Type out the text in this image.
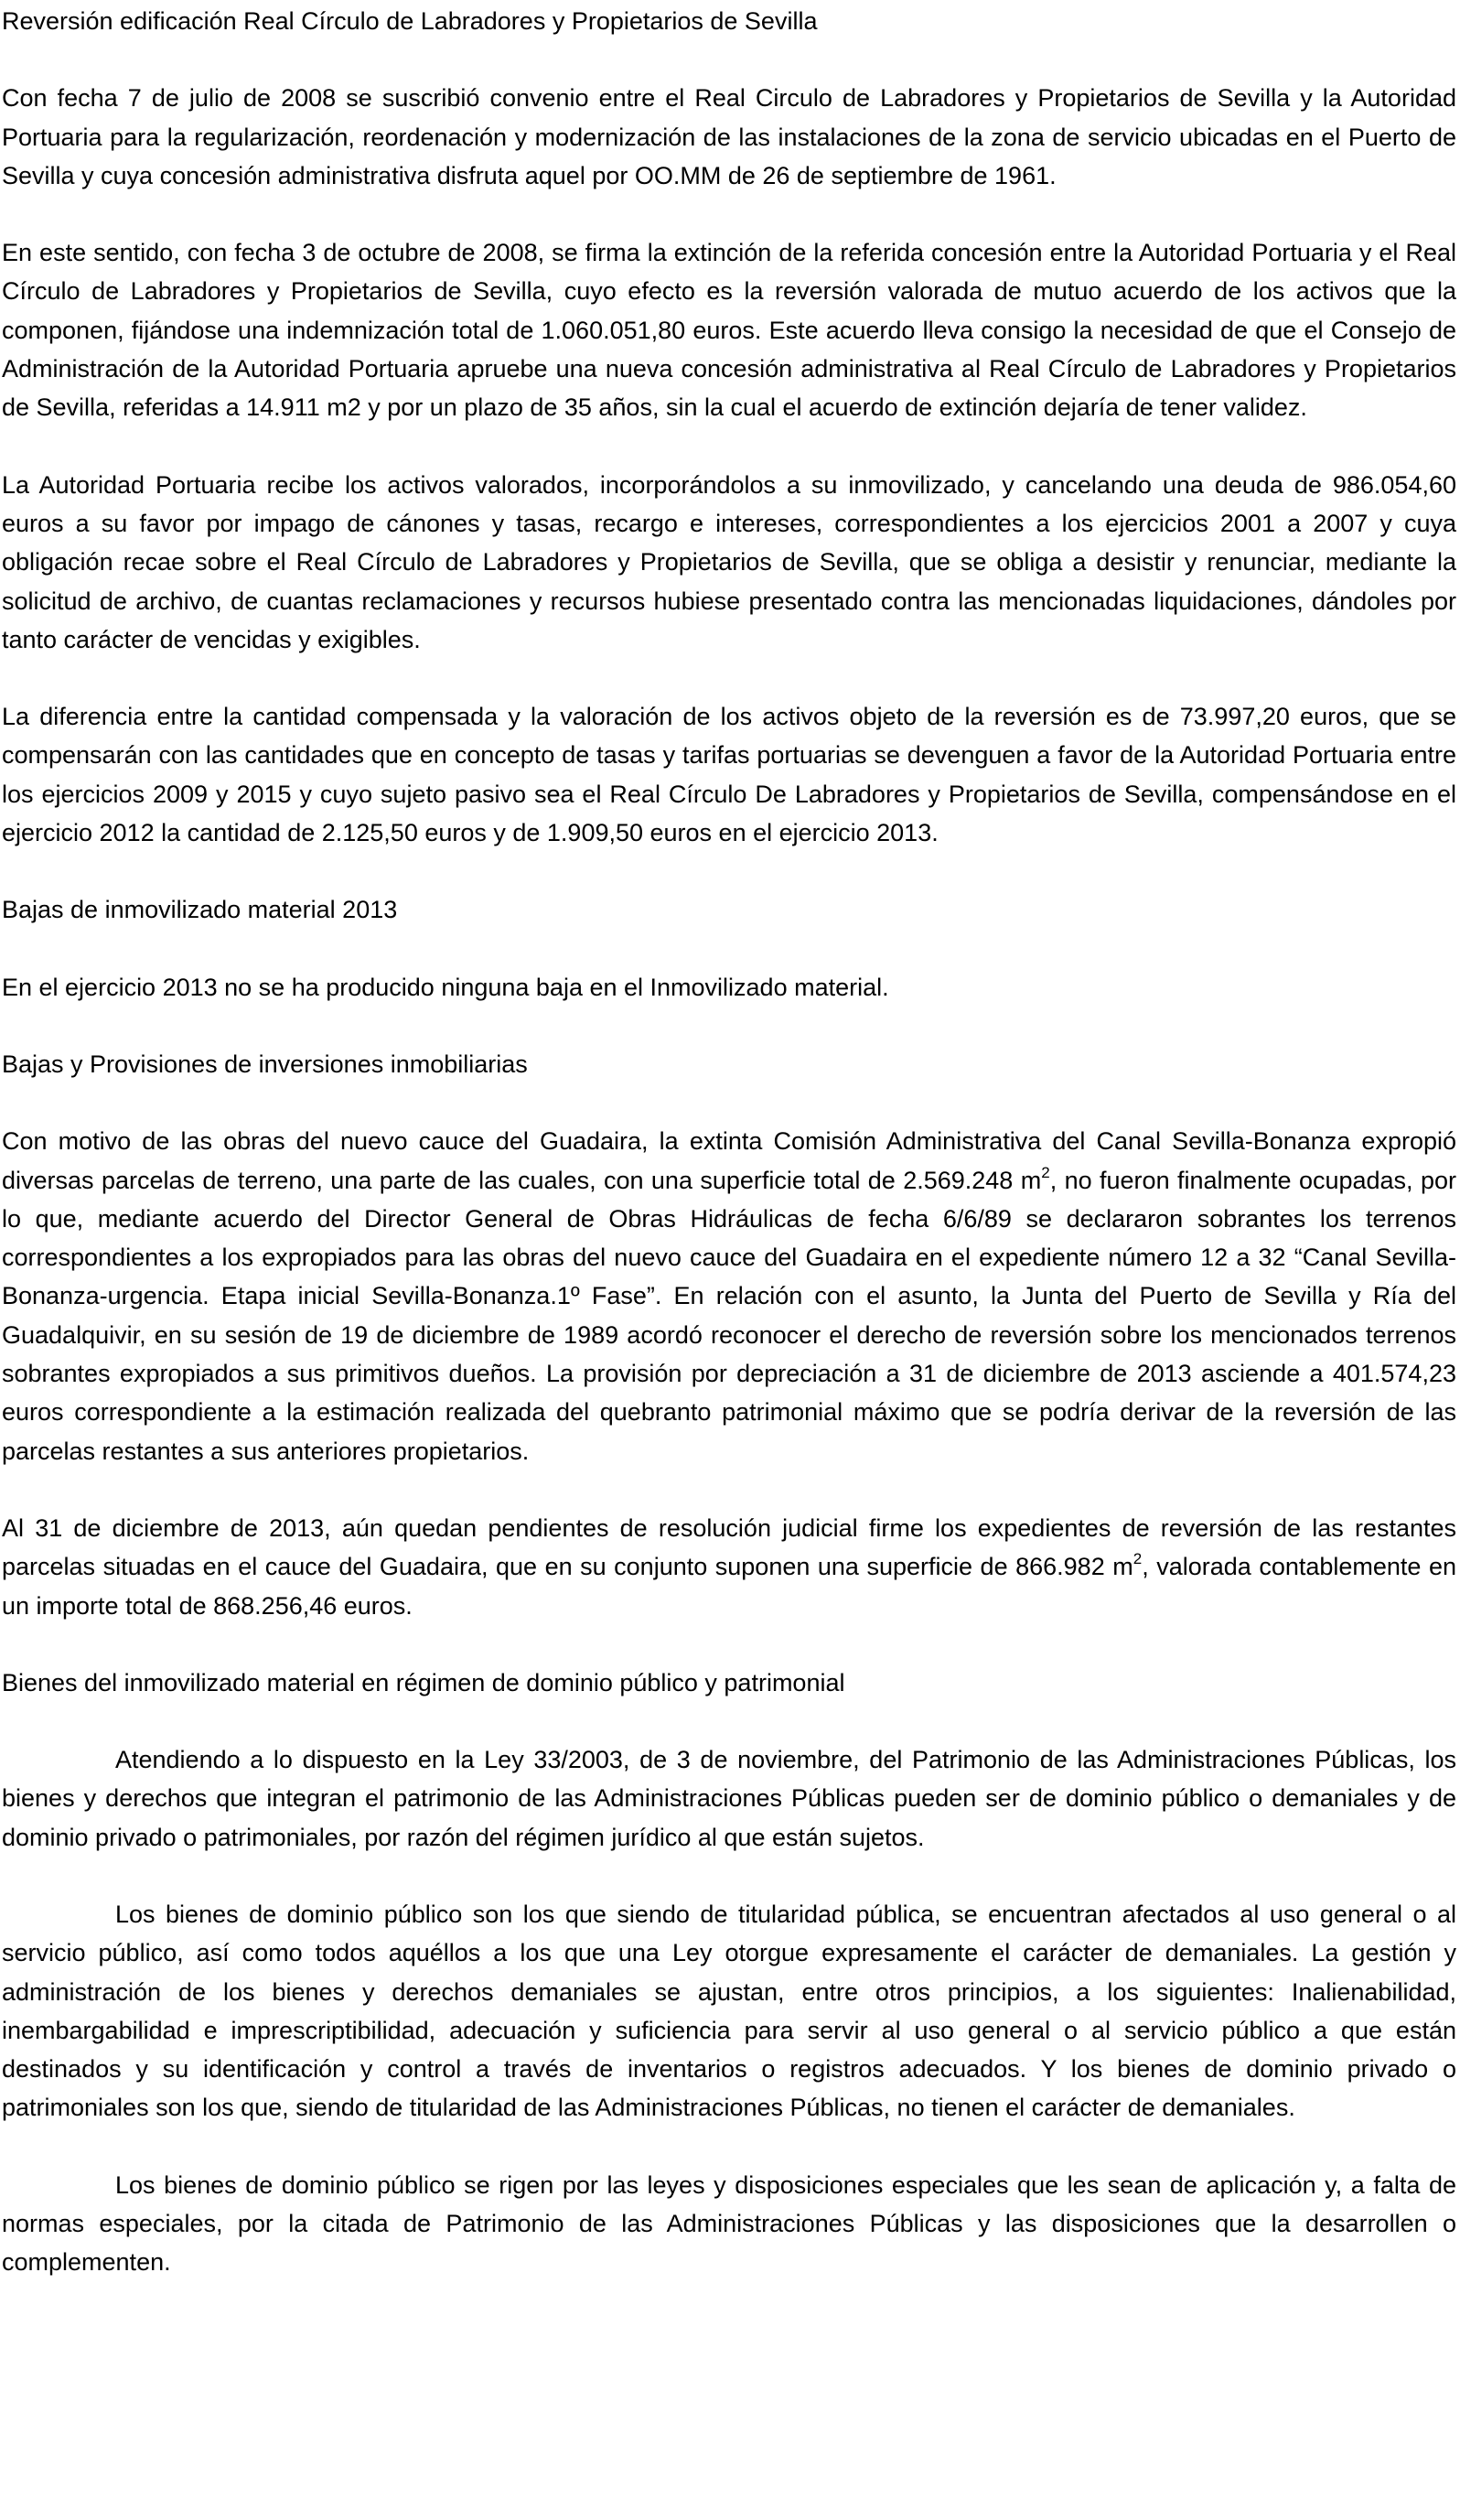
Reversión edificación Real Círculo de Labradores y Propietarios de Sevilla

Con fecha 7 de julio de 2008 se suscribió convenio entre el Real Circulo de Labradores y Propietarios de Sevilla y la Autoridad Portuaria para la regularización, reordenación y modernización de las instalaciones de la zona de servicio ubicadas en el Puerto de Sevilla y cuya concesión administrativa disfruta aquel por OO.MM de 26 de septiembre de 1961.

En este sentido, con fecha 3 de octubre de 2008, se firma la extinción de la referida concesión entre la Autoridad Portuaria y el Real Círculo de Labradores y Propietarios de Sevilla, cuyo efecto es la reversión valorada de mutuo acuerdo de los activos que la componen, fijándose una indemnización total de 1.060.051,80 euros. Este acuerdo lleva consigo la necesidad de que el Consejo de Administración de la Autoridad Portuaria apruebe una nueva concesión administrativa al Real Círculo de Labradores y Propietarios de Sevilla, referidas a 14.911 m2 y por un plazo de 35 años, sin la cual el acuerdo de extinción dejaría de tener validez.

La Autoridad Portuaria recibe los activos valorados, incorporándolos a su inmovilizado, y cancelando una deuda de 986.054,60 euros a su favor por impago de cánones y tasas, recargo e intereses, correspondientes a los ejercicios 2001 a 2007 y cuya obligación recae sobre el Real Círculo de Labradores y Propietarios de Sevilla, que se obliga a desistir y renunciar, mediante la solicitud de archivo, de cuantas reclamaciones y recursos hubiese presentado contra las mencionadas liquidaciones, dándoles por tanto carácter de vencidas y exigibles.

La diferencia entre la cantidad compensada y la valoración de los activos objeto de la reversión es de 73.997,20 euros, que se compensarán con las cantidades que en concepto de tasas y tarifas portuarias se devenguen a favor de la Autoridad Portuaria entre los ejercicios 2009 y 2015 y cuyo sujeto pasivo sea el Real Círculo De Labradores y Propietarios de Sevilla, compensándose en el ejercicio 2012 la cantidad de 2.125,50 euros y de 1.909,50 euros en el ejercicio 2013.

Bajas de inmovilizado material 2013

En el ejercicio 2013 no se ha producido ninguna baja en el Inmovilizado material.

Bajas y Provisiones de inversiones inmobiliarias

Con motivo de las obras del nuevo cauce del Guadaira, la extinta Comisión Administrativa del Canal Sevilla-Bonanza expropió diversas parcelas de terreno, una parte de las cuales, con una superficie total de 2.569.248 $m^2$, no fueron finalmente ocupadas, por lo que, mediante acuerdo del Director General de Obras Hidráulicas de fecha 6/6/89 se declararon sobrantes los terrenos correspondientes a los expropiados para las obras del nuevo cauce del Guadaira en el expediente número 12 a 32 “Canal Sevilla-Bonanza-urgencia. Etapa inicial Sevilla-Bonanza.1º Fase”. En relación con el asunto, la Junta del Puerto de Sevilla y Ría del Guadalquivir, en su sesión de 19 de diciembre de 1989 acordó reconocer el derecho de reversión sobre los mencionados terrenos sobrantes expropiados a sus primitivos dueños. La provisión por depreciación a 31 de diciembre de 2013 asciende a 401.574,23 euros correspondiente a la estimación realizada del quebranto patrimonial máximo que se podría derivar de la reversión de las parcelas restantes a sus anteriores propietarios.

Al 31 de diciembre de 2013, aún quedan pendientes de resolución judicial firme los expedientes de reversión de las restantes parcelas situadas en el cauce del Guadaira, que en su conjunto suponen una superficie de 866.982 $m^2$, valorada contablemente en un importe total de 868.256,46 euros.

Bienes del inmovilizado material en régimen de dominio público y patrimonial

Atendiendo a lo dispuesto en la Ley 33/2003, de 3 de noviembre, del Patrimonio de las Administraciones Públicas, los bienes y derechos que integran el patrimonio de las Administraciones Públicas pueden ser de dominio público o demaniales y de dominio privado o patrimoniales, por razón del régimen jurídico al que están sujetos.

Los bienes de dominio público son los que siendo de titularidad pública, se encuentran afectados al uso general o al servicio público, así como todos aquéllos a los que una Ley otorgue expresamente el carácter de demaniales. La gestión y administración de los bienes y derechos demaniales se ajustan, entre otros principios, a los siguientes: Inalienabilidad, inembargabilidad e imprescriptibilidad, adecuación y suficiencia para servir al uso general o al servicio público a que están destinados y su identificación y control a través de inventarios o registros adecuados. Y los bienes de dominio privado o patrimoniales son los que, siendo de titularidad de las Administraciones Públicas, no tienen el carácter de demaniales.

Los bienes de dominio público se rigen por las leyes y disposiciones especiales que les sean de aplicación y, a falta de normas especiales, por la citada de Patrimonio de las Administraciones Públicas y las disposiciones que la desarrollen o complementen.
